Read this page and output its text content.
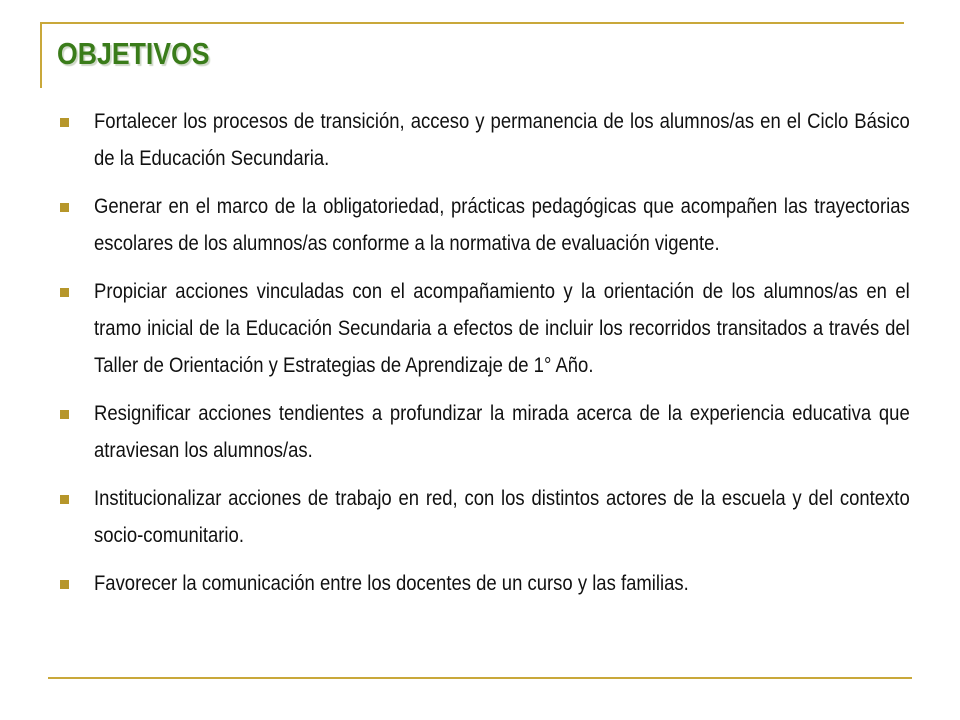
OBJETIVOS
Fortalecer los procesos de transición, acceso y permanencia de los alumnos/as en el Ciclo Básico de la Educación Secundaria.
Generar en el marco de la obligatoriedad, prácticas pedagógicas que acompañen las trayectorias escolares de los alumnos/as conforme a la normativa de evaluación vigente.
Propiciar acciones vinculadas con el acompañamiento y la orientación de los alumnos/as en el tramo inicial de la Educación Secundaria a efectos de incluir los recorridos transitados a través del Taller de Orientación y Estrategias de Aprendizaje de 1° Año.
Resignificar acciones tendientes a profundizar la mirada acerca de la experiencia educativa que atraviesan los alumnos/as.
Institucionalizar acciones de trabajo en red, con los distintos actores de la escuela y del contexto socio-comunitario.
Favorecer la comunicación entre los docentes de un curso y las familias.
